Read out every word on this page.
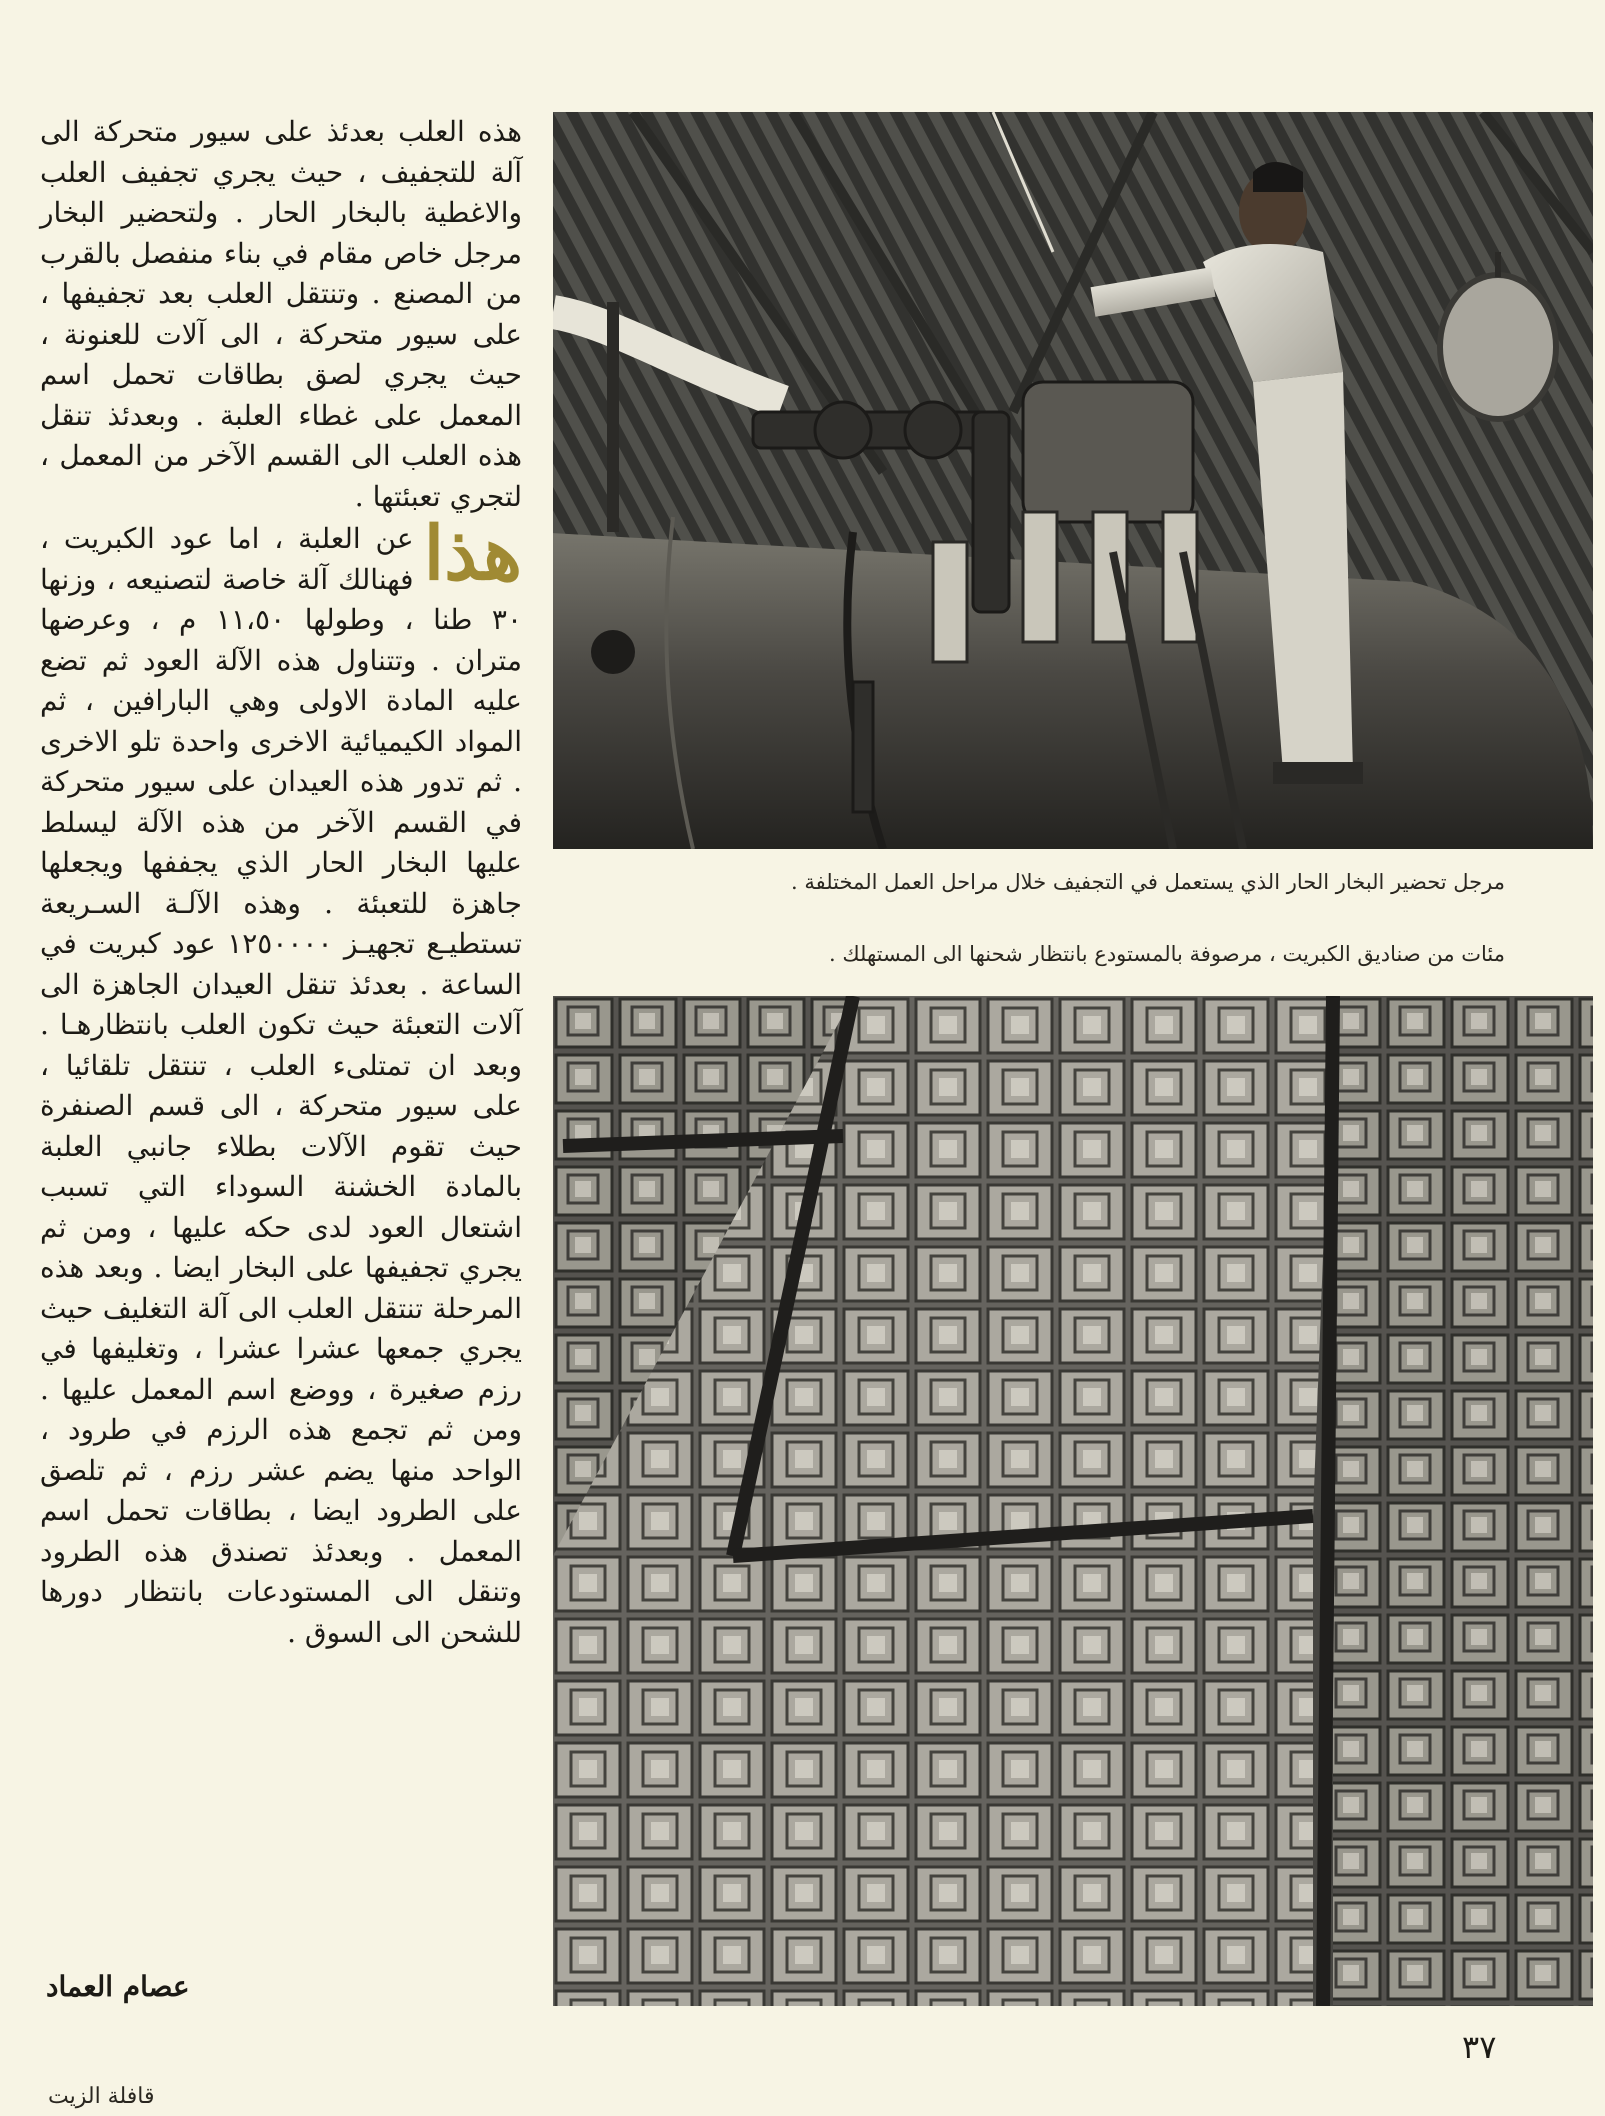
هذه العلب بعدئذ على سيور متحركة الى آلة للتجفيف ، حيث يجري تجفيف العلب والاغطية بالبخار الحار . ولتحضير البخار مرجل خاص مقام في بناء منفصل بالقرب من المصنع . وتنتقل العلب بعد تجفيفها ، على سيور متحركة ، الى آلات للعنونة ، حيث يجري لصق بطاقات تحمل اسم المعمل على غطاء العلبة . وبعدئذ تنقل هذه العلب الى القسم الآخر من المعمل ، لتجري تعبئتها .

هذا
عن العلبة ، اما عود الكبريت ، فهنالك آلة خاصة لتصنيعه ، وزنها ٣٠ طنا ، وطولها ١١،٥٠ م ، وعرضها متران . وتتناول هذه الآلة العود ثم تضع عليه المادة الاولى وهي البارافين ، ثم المواد الكيميائية الاخرى واحدة تلو الاخرى . ثم تدور هذه العيدان على سيور متحركة في القسم الآخر من هذه الآلة ليسلط عليها البخار الحار الذي يجففها ويجعلها جاهزة للتعبئة . وهذه الآلـة السـريعة تستطيـع تجهيـز ١٢٥٠٠٠٠ عود كبريت في الساعة . بعدئذ تنقل العيدان الجاهزة الى آلات التعبئة حيث تكون العلب بانتظارهـا . وبعد ان تمتلىء العلب ، تنتقل تلقائيا ، على سيور متحركة ، الى قسم الصنفرة حيث تقوم الآلات بطلاء جانبي العلبة بالمادة الخشنة السوداء التي تسبب اشتعال العود لدى حكه عليها ، ومن ثم يجري تجفيفها على البخار ايضا . وبعد هذه المرحلة تنتقل العلب الى آلة التغليف حيث يجري جمعها عشرا عشرا ، وتغليفها في رزم صغيرة ، ووضع اسم المعمل عليها . ومن ثم تجمع هذه الرزم في طرود ، الواحد منها يضم عشر رزم ، ثم تلصق على الطرود ايضا ، بطاقات تحمل اسم المعمل . وبعدئذ تصندق هذه الطرود وتنقل الى المستودعات بانتظار دورها للشحن الى السوق .
عصام العماد
مرجل تحضير البخار الحار الذي يستعمل في التجفيف خلال مراحل العمل المختلفة .
مئات من صناديق الكبريت ، مرصوفة بالمستودع بانتظار شحنها الى المستهلك .
٣٧
قافلة الزيت
